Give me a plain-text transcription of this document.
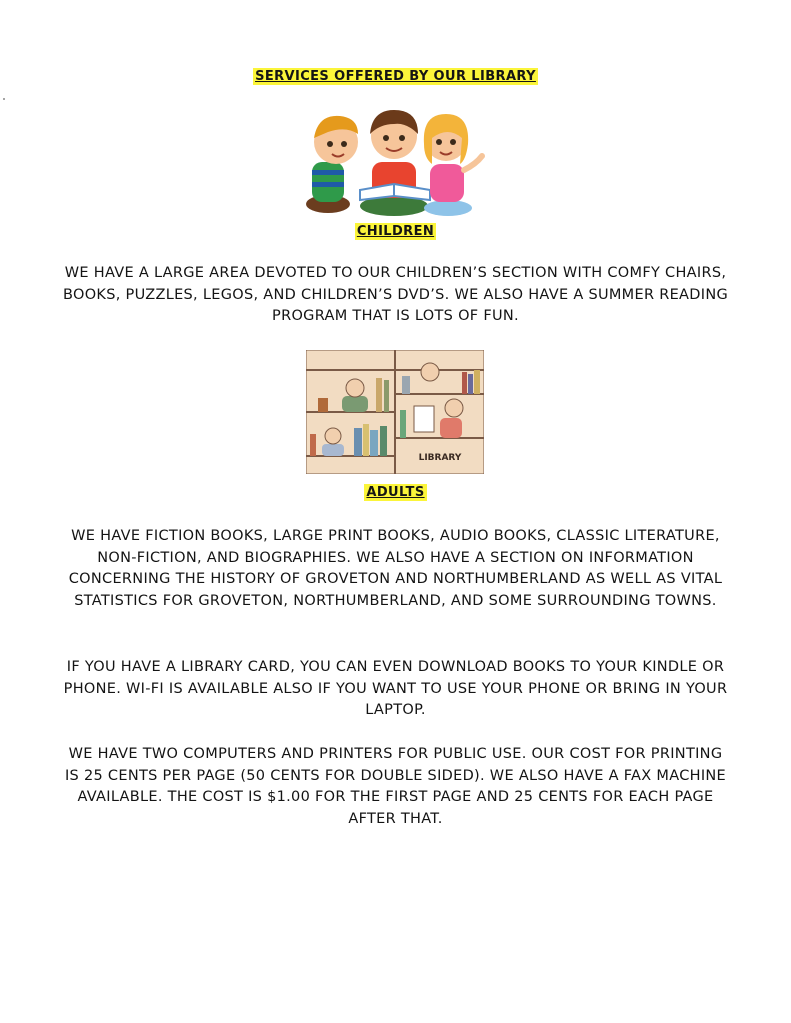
SERVICES OFFERED BY OUR LIBRARY
CHILDREN
WE HAVE A LARGE AREA DEVOTED TO OUR CHILDREN’S SECTION WITH COMFY CHAIRS, BOOKS, PUZZLES, LEGOS, AND CHILDREN’S DVD’S. WE ALSO HAVE A SUMMER READING PROGRAM THAT IS LOTS OF FUN.
LIBRARY
ADULTS
WE HAVE FICTION BOOKS, LARGE PRINT BOOKS, AUDIO BOOKS, CLASSIC LITERATURE, NON-FICTION, AND BIOGRAPHIES. WE ALSO HAVE A SECTION ON INFORMATION CONCERNING THE HISTORY OF GROVETON AND NORTHUMBERLAND AS WELL AS VITAL STATISTICS FOR GROVETON, NORTHUMBERLAND, AND SOME SURROUNDING TOWNS.
IF YOU HAVE A LIBRARY CARD, YOU CAN EVEN DOWNLOAD BOOKS TO YOUR KINDLE OR PHONE. WI-FI IS AVAILABLE ALSO IF YOU WANT TO USE YOUR PHONE OR BRING IN YOUR LAPTOP.
WE HAVE TWO COMPUTERS AND PRINTERS FOR PUBLIC USE. OUR COST FOR PRINTING IS 25 CENTS PER PAGE (50 CENTS FOR DOUBLE SIDED). WE ALSO HAVE A FAX MACHINE AVAILABLE. THE COST IS $1.00 FOR THE FIRST PAGE AND 25 CENTS FOR EACH PAGE AFTER THAT.
